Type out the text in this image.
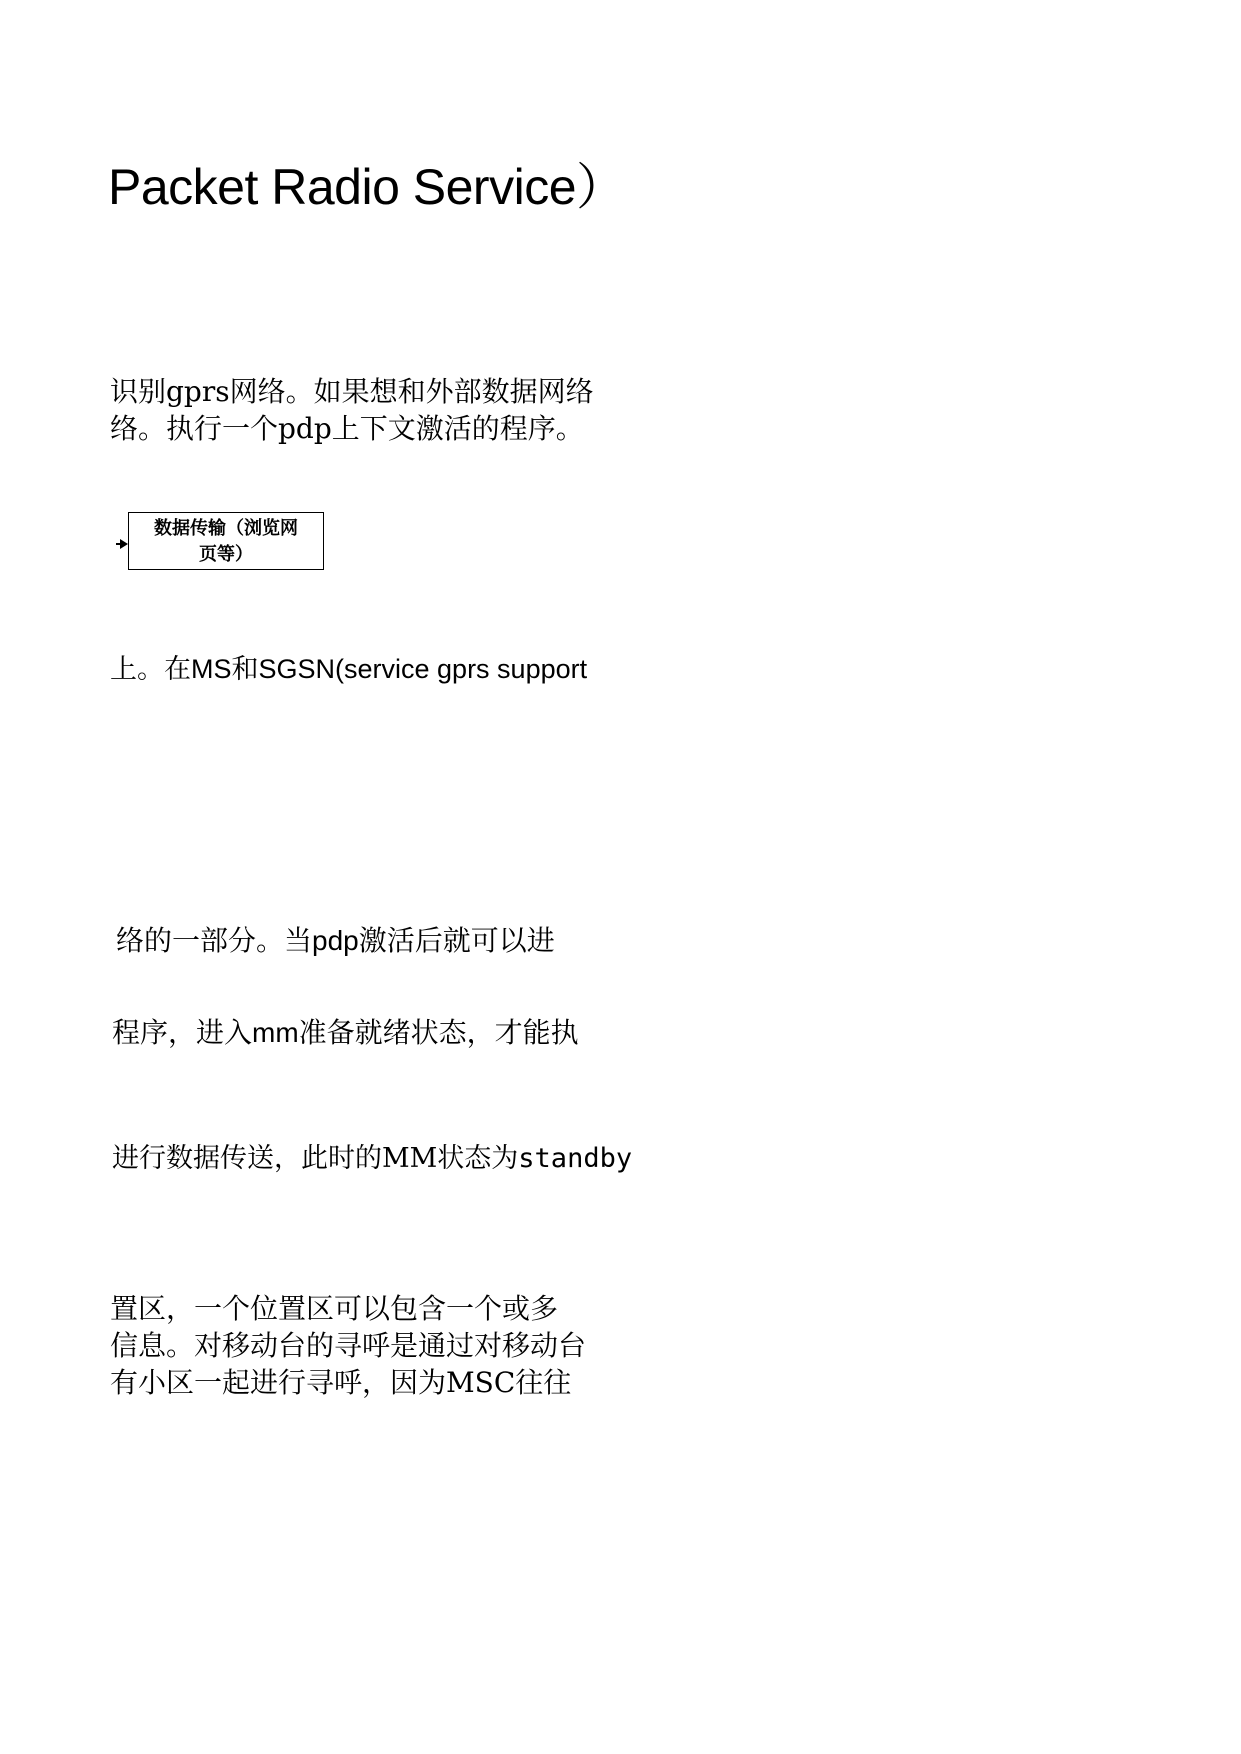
Packet Radio Service）
识别gprs网络。如果想和外部数据网络
络。执行一个pdp上下文激活的程序。
数据传输（浏览网
页等）
上。在MS和SGSN(service gprs support
络的一部分。当pdp激活后就可以进
程序，进入mm准备就绪状态，才能执
进行数据传送，此时的MM状态为standby
置区，一个位置区可以包含一个或多
信息。对移动台的寻呼是通过对移动台
有小区一起进行寻呼，因为MSC往往
